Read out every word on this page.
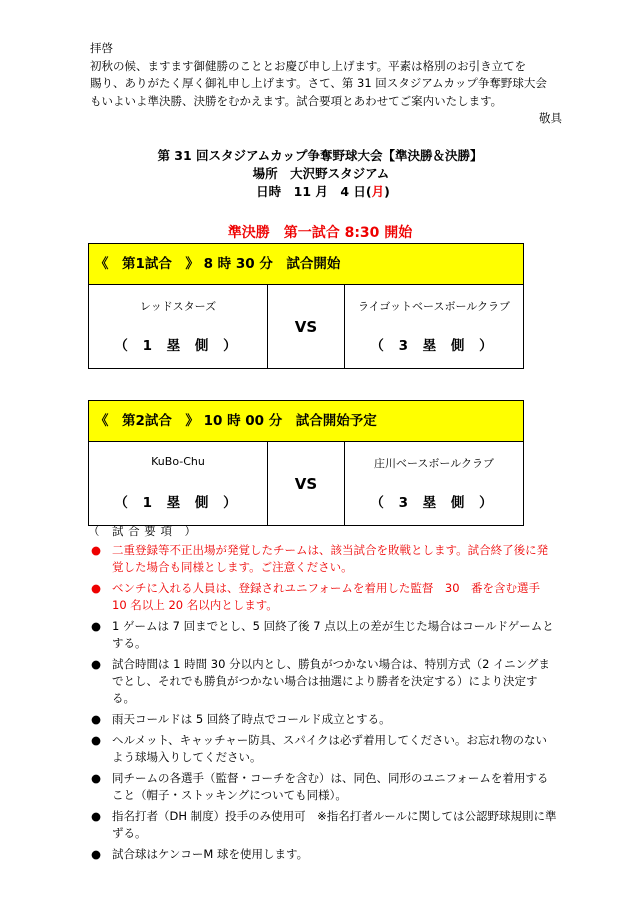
拝啓

初秋の候、ますます御健勝のこととお慶び申し上げます。平素は格別のお引き立てを

賜り、ありがたく厚く御礼申し上げます。さて、第 31 回スタジアムカップ争奪野球大会

もいよいよ準決勝、決勝をむかえます。試合要項とあわせてご案内いたします。

敬具

第 31 回スタジアムカップ争奪野球大会【準決勝＆決勝】
場所　大沢野スタジアム
日時　11 月　4 日(月)
準決勝　第一試合 8:30 開始
《　第1試合　》 8 時 30 分　試合開始
レッドスターズ
（ 1 塁 側 ）
VS
ライゴットベースボールクラブ
（ 3 塁 側 ）
《　第2試合　》 10 時 00 分　試合開始予定
KuBo-Chu
（ 1 塁 側 ）
VS
庄川ベースボールクラブ
（ 3 塁 側 ）
（　試 合 要 項　）
● 二重登録等不正出場が発覚したチームは、該当試合を敗戦とします。試合終了後に発覚した場合も同様とします。ご注意ください。
● ベンチに入れる人員は、登録されユニフォームを着用した監督　30　番を含む選手 10 名以上 20 名以内とします。
● 1 ゲームは 7 回までとし、5 回終了後 7 点以上の差が生じた場合はコールドゲームとする。
● 試合時間は 1 時間 30 分以内とし、勝負がつかない場合は、特別方式（2 イニングまでとし、それでも勝負がつかない場合は抽選により勝者を決定する）により決定する。
● 雨天コールドは 5 回終了時点でコールド成立とする。
● ヘルメット、キャッチャー防具、スパイクは必ず着用してください。お忘れ物のないよう球場入りしてください。
● 同チームの各選手（監督・コーチを含む）は、同色、同形のユニフォームを着用すること（帽子・ストッキングについても同様）。
● 指名打者（DH 制度）投手のみ使用可　※指名打者ルールに関しては公認野球規則に準ずる。
● 試合球はケンコーM 球を使用します。
